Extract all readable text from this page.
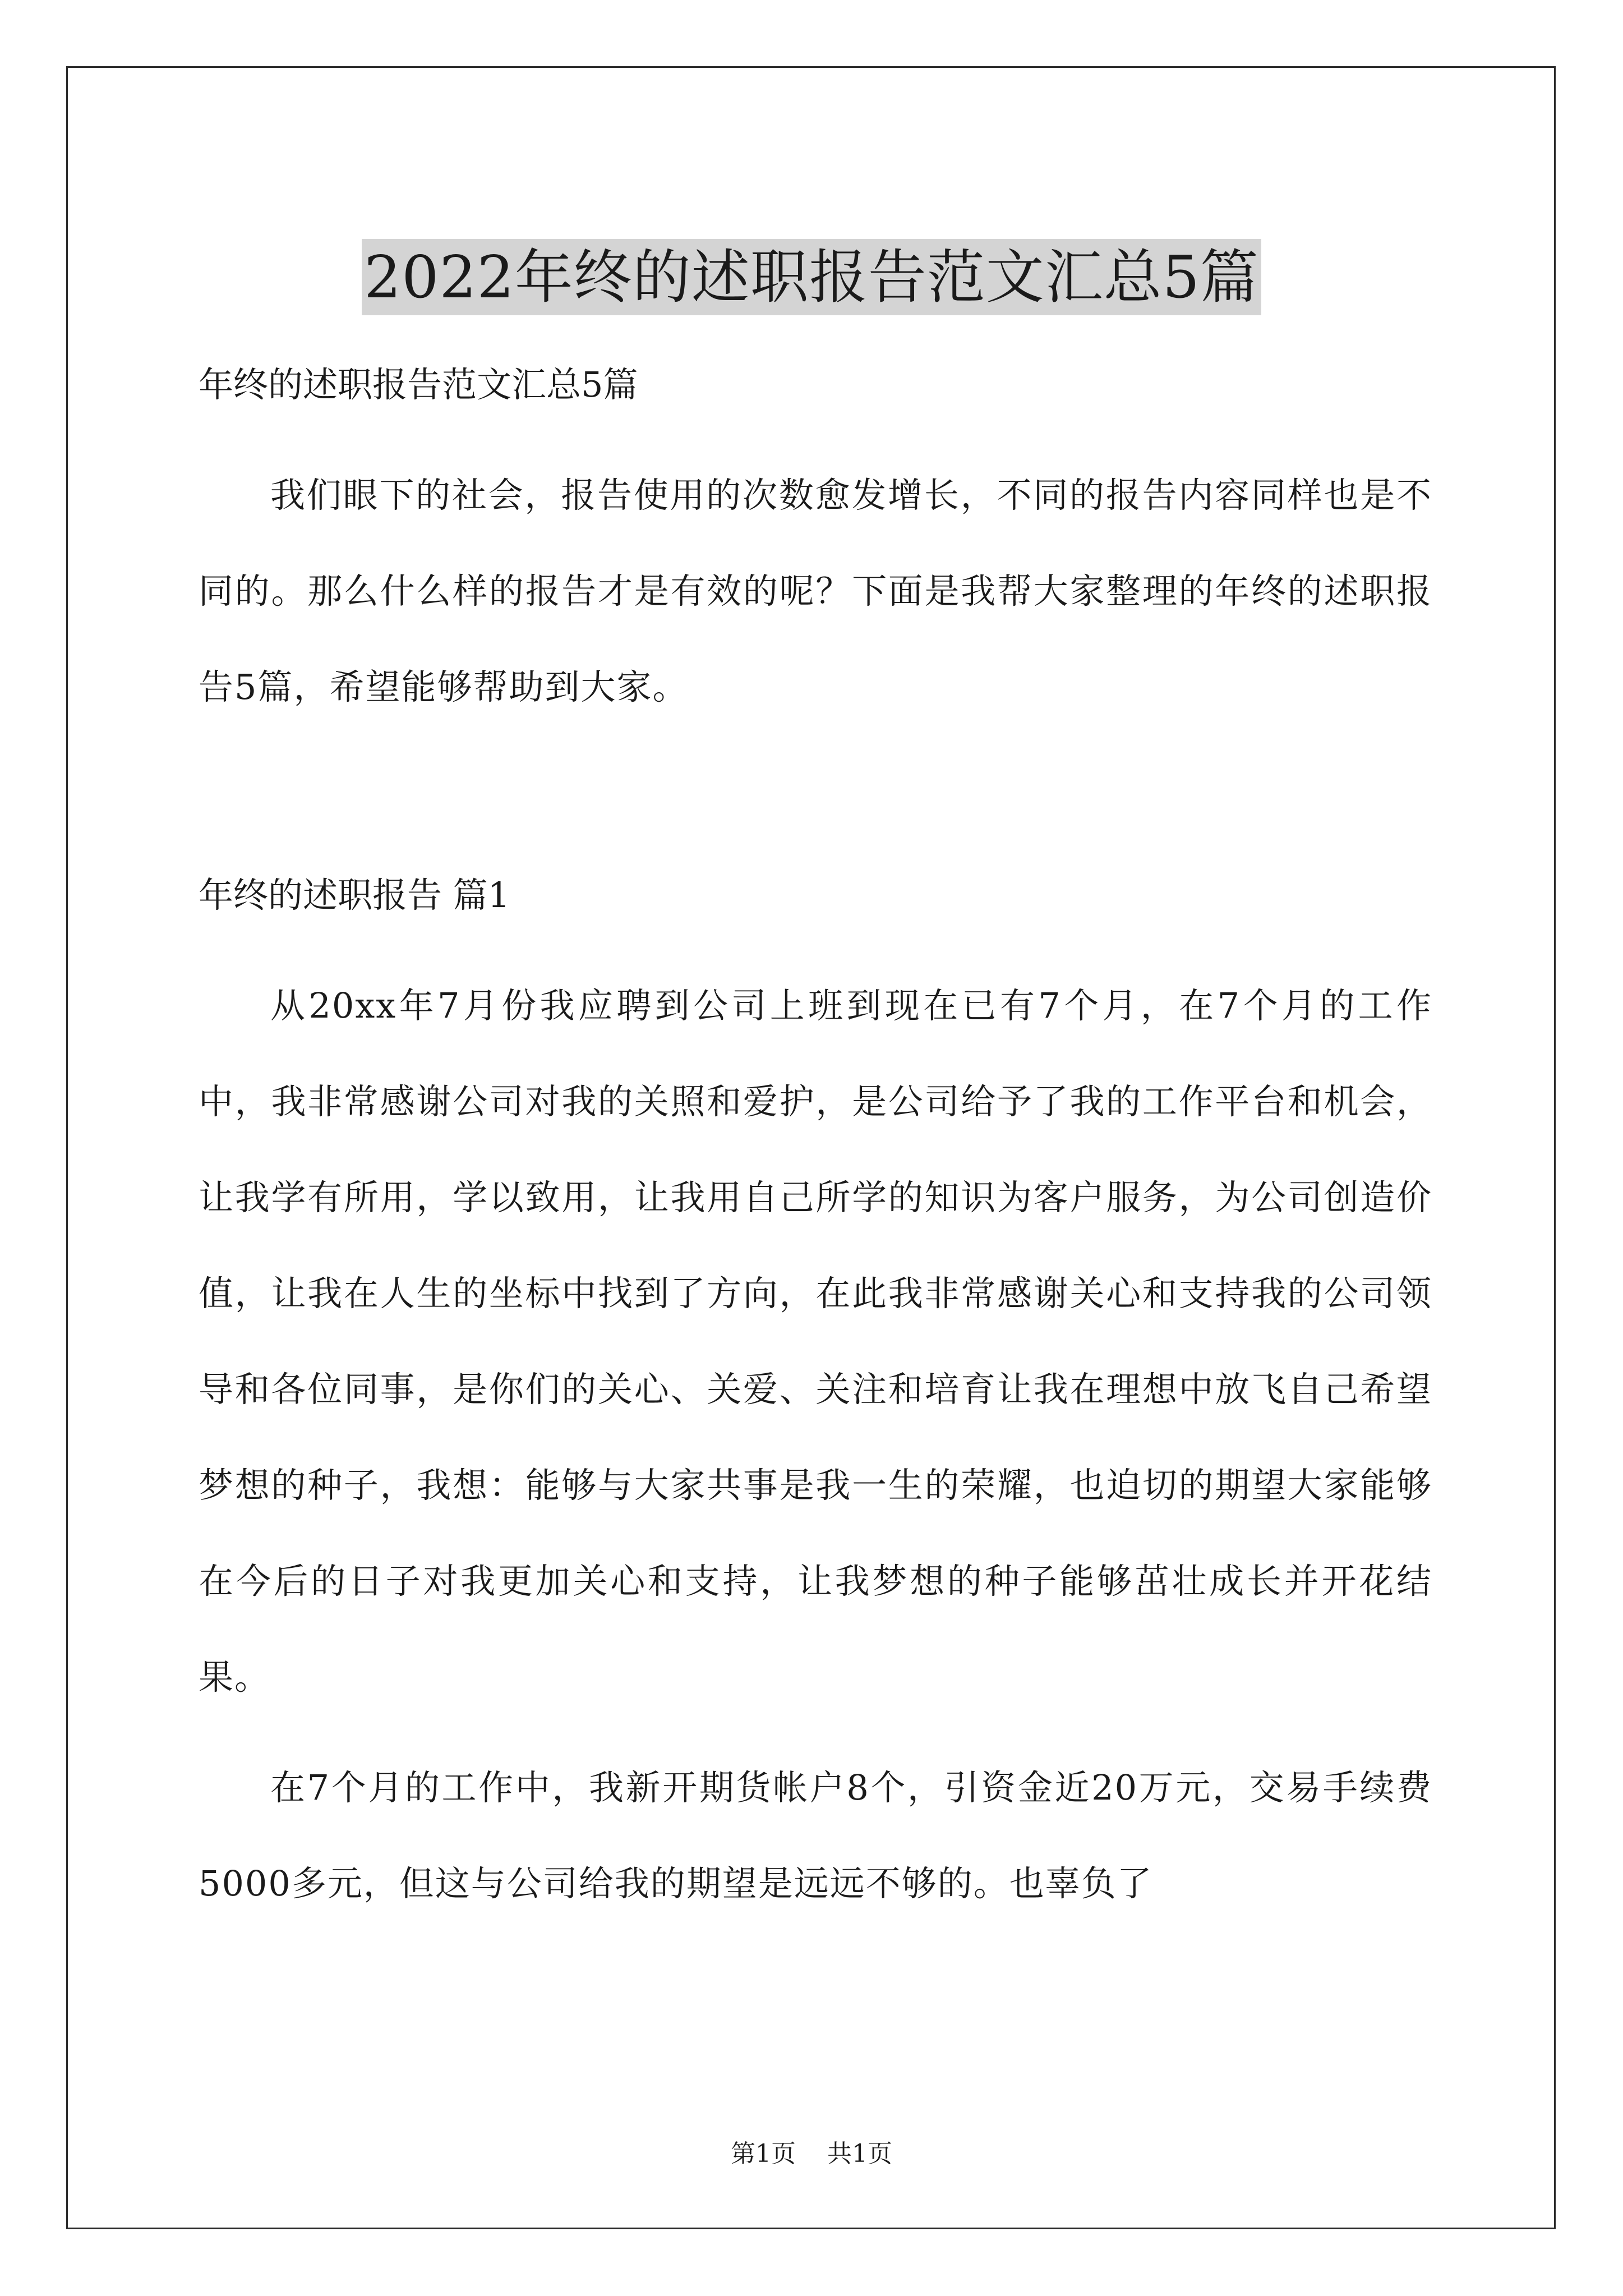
2022年终的述职报告范文汇总5篇

年终的述职报告范文汇总5篇

我们眼下的社会，报告使用的次数愈发增长，不同的报告内容同样也是不同的。那么什么样的报告才是有效的呢？下面是我帮大家整理的年终的述职报告5篇，希望能够帮助到大家。

年终的述职报告 篇1

从20xx年7月份我应聘到公司上班到现在已有7个月，在7个月的工作中，我非常感谢公司对我的关照和爱护，是公司给予了我的工作平台和机会，让我学有所用，学以致用，让我用自己所学的知识为客户服务，为公司创造价值，让我在人生的坐标中找到了方向，在此我非常感谢关心和支持我的公司领导和各位同事，是你们的关心、关爱、关注和培育让我在理想中放飞自己希望梦想的种子，我想：能够与大家共事是我一生的荣耀，也迫切的期望大家能够在今后的日子对我更加关心和支持，让我梦想的种子能够茁壮成长并开花结果。

在7个月的工作中，我新开期货帐户8个，引资金近20万元，交易手续费5000多元，但这与公司给我的期望是远远不够的。也辜负了

第1页 共1页
